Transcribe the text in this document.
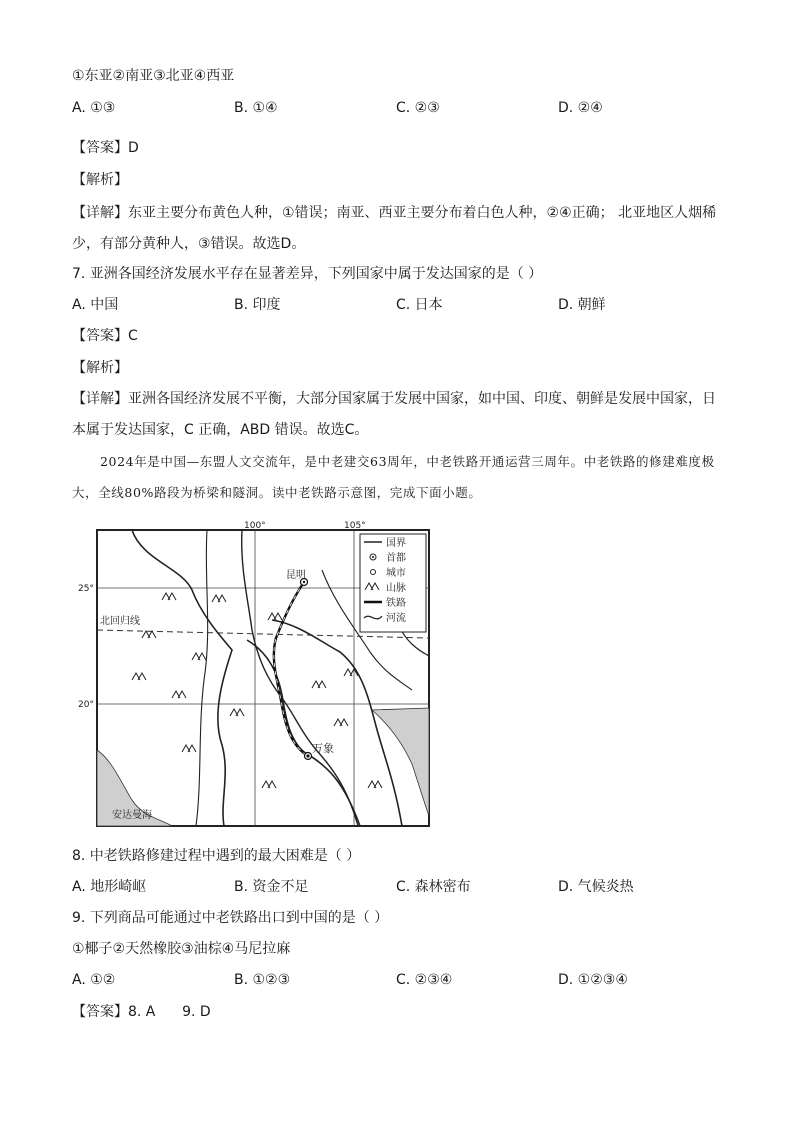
①东亚②南亚③北亚④西亚
A. ①③	B. ①④	C. ②③	D. ②④
【答案】D
【解析】
【详解】东亚主要分布黄色人种，①错误；南亚、西亚主要分布着白色人种，②④正确； 北亚地区人烟稀少，有部分黄种人，③错误。故选D。
7. 亚洲各国经济发展水平存在显著差异，下列国家中属于发达国家的是（ ）
A. 中国	B. 印度	C. 日本	D. 朝鲜
【答案】C
【解析】
【详解】亚洲各国经济发展不平衡，大部分国家属于发展中国家，如中国、印度、朝鲜是发展中国家，日本属于发达国家，C 正确，ABD 错误。故选C。
2024年是中国—东盟人文交流年，是中老建交63周年，中老铁路开通运营三周年。中老铁路的修建难度极大，全线80%路段为桥梁和隧洞。读中老铁路示意图，完成下面小题。
昆明
万象
100°	105°
25°
20°
北回归线
安达曼海
国界
首都
城市
山脉
铁路
河流
8. 中老铁路修建过程中遇到的最大困难是（ ）
A. 地形崎岖	B. 资金不足	C. 森林密布	D. 气候炎热
9. 下列商品可能通过中老铁路出口到中国的是（ ）
①椰子②天然橡胶③油棕④马尼拉麻
A. ①②	B. ①②③	C. ②③④	D. ①②③④
【答案】8. A      9. D
